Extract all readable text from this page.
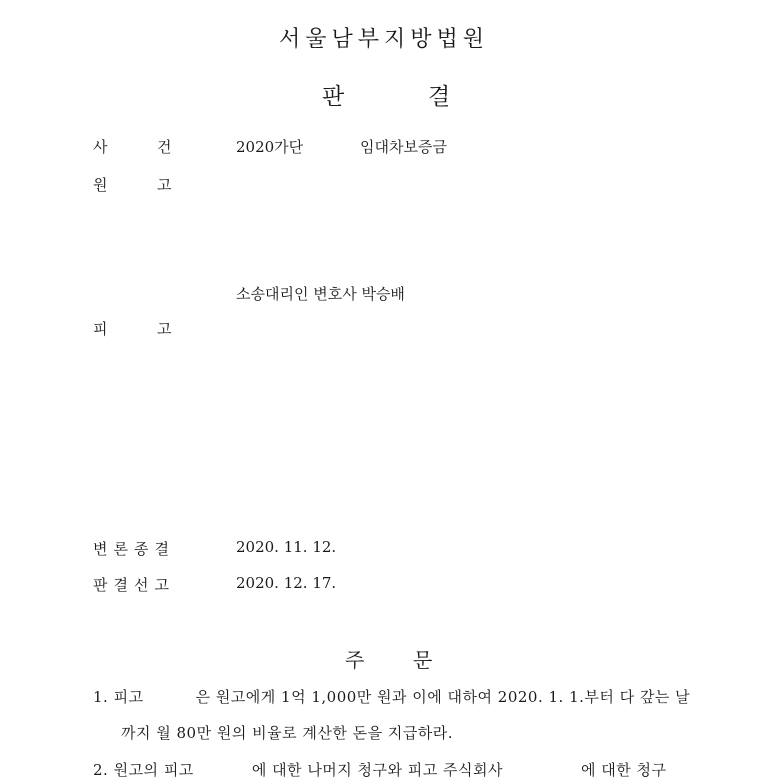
서울남부지방법원
판	결
사	건	2020가단	임대차보증금
원	고
소송대리인 변호사 박승배
피	고
변론종결	2020. 11. 12.
판결선고	2020. 12. 17.
주 문
1. 피고	은 원고에게 1억 1,000만 원과 이에 대하여 2020. 1. 1.부터 다 갚는 날
까지 월 80만 원의 비율로 계산한 돈을 지급하라.
2. 원고의 피고	에 대한 나머지 청구와 피고 주식회사	에 대한 청구
